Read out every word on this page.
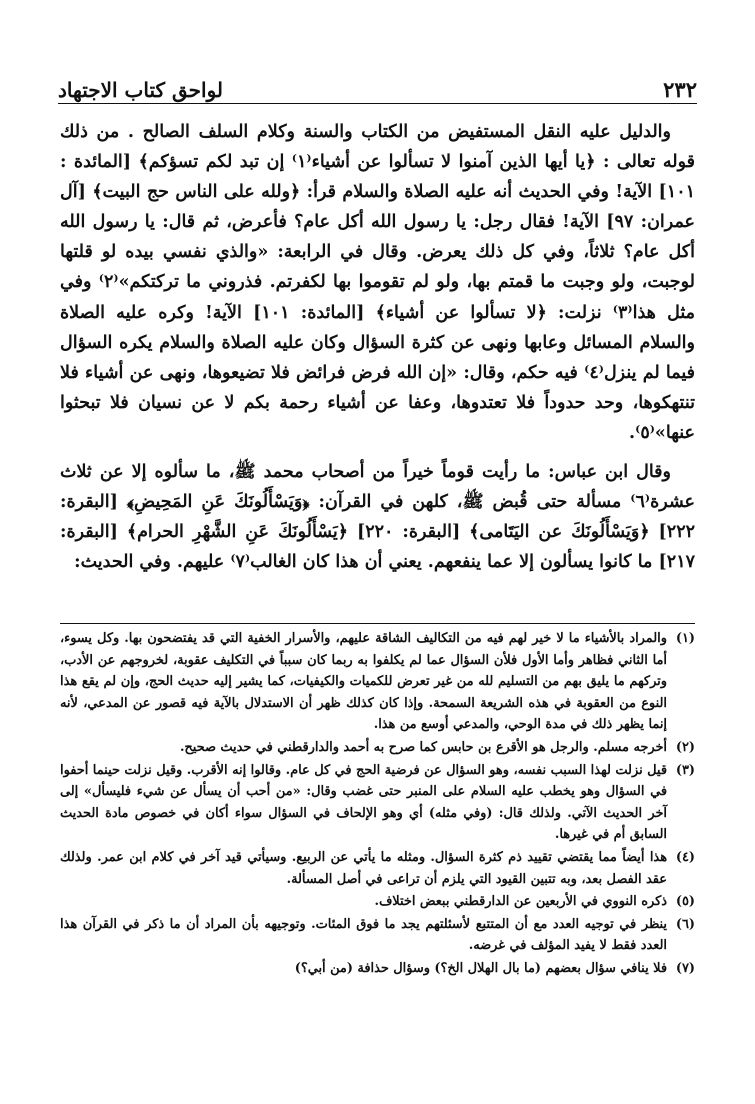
٢٣٢
لواحق كتاب الاجتهاد

والدليل عليه النقل المستفيض من الكتاب والسنة وكلام السلف الصالح . من ذلك قوله تعالى : ﴿يا أيها الذين آمنوا لا تسألوا عن أشياء⁽١⁾ إن تبد لكم تسؤكم﴾ [المائدة : ١٠١] الآية! وفي الحديث أنه عليه الصلاة والسلام قرأ: ﴿ولله على الناس حج البيت﴾ [آل عمران: ٩٧] الآية! فقال رجل: يا رسول الله أكل عام؟ فأعرض، ثم قال: يا رسول الله أكل عام؟ ثلاثاً، وفي كل ذلك يعرض. وقال في الرابعة: «والذي نفسي بيده لو قلتها لوجبت، ولو وجبت ما قمتم بها، ولو لم تقوموا بها لكفرتم. فذروني ما تركتكم»⁽٢⁾ وفي مثل هذا⁽٣⁾ نزلت: ﴿لا تسألوا عن أشياء﴾ [المائدة: ١٠١] الآية! وكره عليه الصلاة والسلام المسائل وعابها ونهى عن كثرة السؤال وكان عليه الصلاة والسلام يكره السؤال فيما لم ينزل⁽٤⁾ فيه حكم، وقال: «إن الله فرض فرائض فلا تضيعوها، ونهى عن أشياء فلا تنتهكوها، وحد حدوداً فلا تعتدوها، وعفا عن أشياء رحمة بكم لا عن نسيان فلا تبحثوا عنها»⁽٥⁾.

وقال ابن عباس: ما رأيت قوماً خيراً من أصحاب محمد ﷺ، ما سألوه إلا عن ثلاث عشرة⁽٦⁾ مسألة حتى قُبض ﷺ، كلهن في القرآن: ﴿وَيَسْأَلُونَكَ عَنِ المَحِيضِ﴾ [البقرة: ٢٢٢] ﴿وَيَسْأَلُونَكَ عن اليَتَامى﴾ [البقرة: ٢٢٠] ﴿يَسْأَلُونَكَ عَنِ الشَّهْرِ الحرام﴾ [البقرة: ٢١٧] ما كانوا يسألون إلا عما ينفعهم. يعني أن هذا كان الغالب⁽٧⁾ عليهم. وفي الحديث:

(١)
والمراد بالأشياء ما لا خير لهم فيه من التكاليف الشاقة عليهم، والأسرار الخفية التي قد يفتضحون بها. وكل يسوء، أما الثاني فظاهر وأما الأول فلأن السؤال عما لم يكلفوا به ربما كان سبباً في التكليف عقوبة، لخروجهم عن الأدب، وتركهم ما يليق بهم من التسليم لله من غير تعرض للكميات والكيفيات، كما يشير إليه حديث الحج، وإن لم يقع هذا النوع من العقوبة في هذه الشريعة السمحة. وإذا كان كذلك ظهر أن الاستدلال بالآية فيه قصور عن المدعي، لأنه إنما يظهر ذلك في مدة الوحي، والمدعي أوسع من هذا.
(٢)
أخرجه مسلم. والرجل هو الأقرع بن حابس كما صرح به أحمد والدارقطني في حديث صحيح.
(٣)
قيل نزلت لهذا السبب نفسه، وهو السؤال عن فرضية الحج في كل عام. وقالوا إنه الأقرب. وقيل نزلت حينما أحفوا في السؤال وهو يخطب عليه السلام على المنبر حتى غضب وقال: «من أحب أن يسأل عن شيء فليسأل» إلى آخر الحديث الآتي. ولذلك قال: (وفي مثله) أي وهو الإلحاف في السؤال سواء أكان في خصوص مادة الحديث السابق أم في غيرها.
(٤)
هذا أيضاً مما يقتضي تقييد ذم كثرة السؤال. ومثله ما يأتي عن الربيع. وسيأتي قيد آخر في كلام ابن عمر. ولذلك عقد الفصل بعد، وبه تتبين القيود التي يلزم أن تراعى في أصل المسألة.
(٥)
ذكره النووي في الأربعين عن الدارقطني ببعض اختلاف.
(٦)
ينظر في توجيه العدد مع أن المتتبع لأسئلتهم يجد ما فوق المئات. وتوجيهه بأن المراد أن ما ذكر في القرآن هذا العدد فقط لا يفيد المؤلف في غرضه.
(٧)
فلا ينافي سؤال بعضهم (ما بال الهلال الخ؟) وسؤال حذافة (من أبي؟)
